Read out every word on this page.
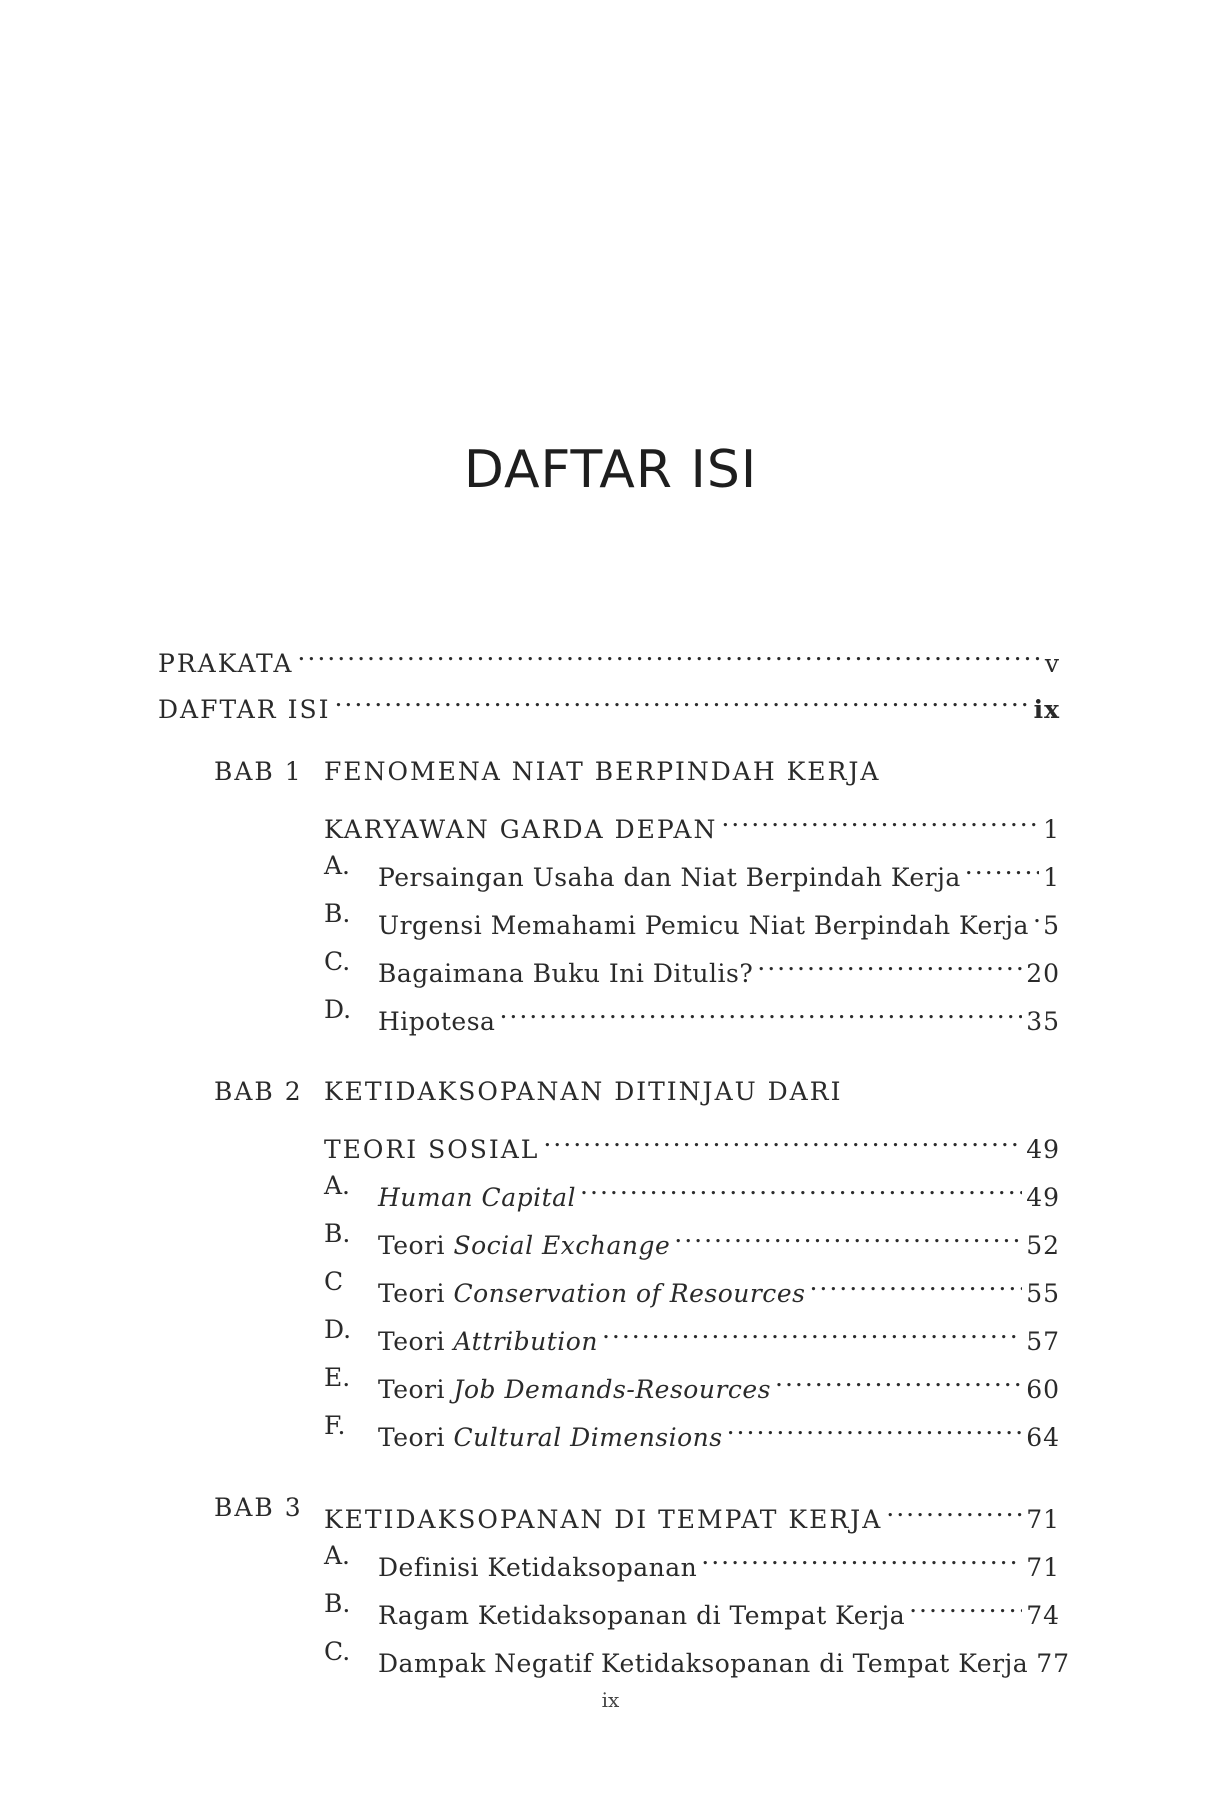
DAFTAR ISI
PRAKATA .....	v
DAFTAR ISI .....	ix
BAB 1 FENOMENA NIAT BERPINDAH KERJA
KARYAWAN GARDA DEPAN .....	1
A. Persaingan Usaha dan Niat Berpindah Kerja .....	1
B. Urgensi Memahami Pemicu Niat Berpindah Kerja ..... 5
C. Bagaimana Buku Ini Ditulis? .....	20
D. Hipotesa .....	35
BAB 2 KETIDAKSOPANAN DITINJAU DARI
TEORI SOSIAL .....	49
A. Human Capital .....	49
B. Teori Social Exchange .....	52
C Teori Conservation of Resources .....	55
D. Teori Attribution .....	57
E. Teori Job Demands-Resources .....	60
F. Teori Cultural Dimensions .....	64
BAB 3 KETIDAKSOPANAN DI TEMPAT KERJA .....	71
A. Definisi Ketidaksopanan .....	71
B. Ragam Ketidaksopanan di Tempat Kerja .....	74
C. Dampak Negatif Ketidaksopanan di Tempat Kerja 77
ix
